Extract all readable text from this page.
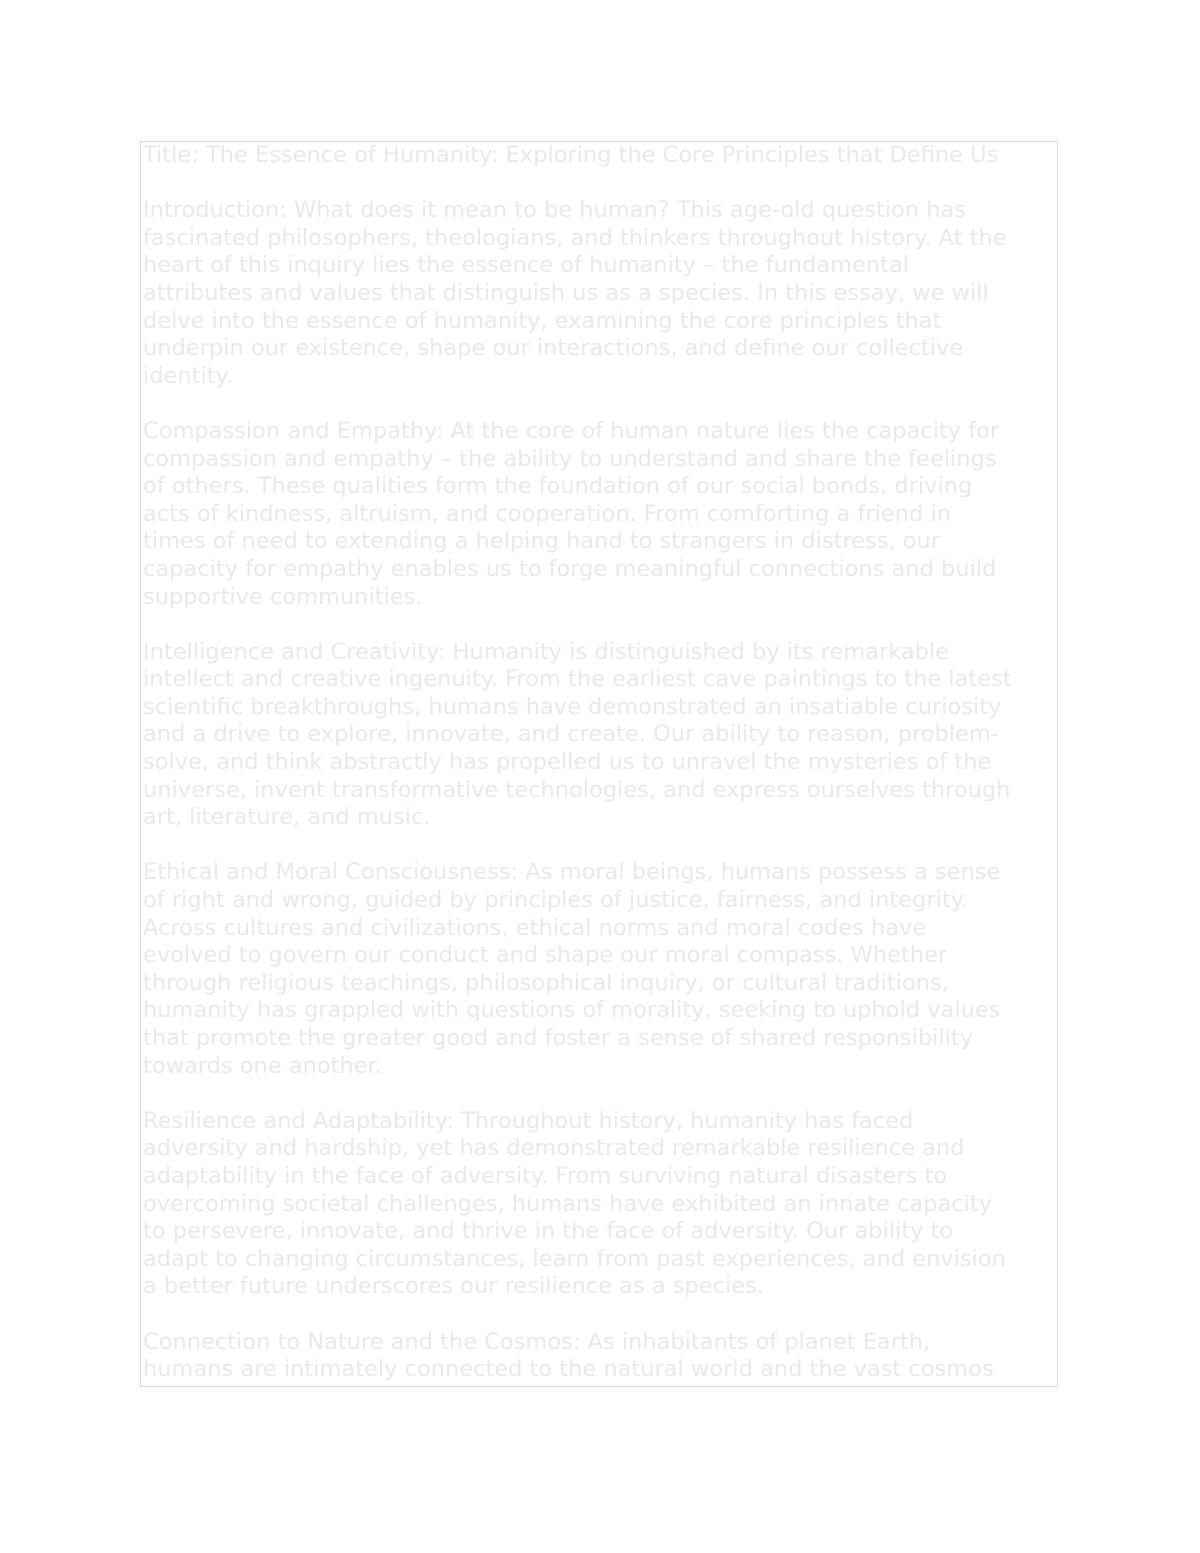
Title: The Essence of Humanity: Exploring the Core Principles that Define Us

Introduction: What does it mean to be human? This age-old question has
fascinated philosophers, theologians, and thinkers throughout history. At the
heart of this inquiry lies the essence of humanity – the fundamental
attributes and values that distinguish us as a species. In this essay, we will
delve into the essence of humanity, examining the core principles that
underpin our existence, shape our interactions, and define our collective
identity.

Compassion and Empathy: At the core of human nature lies the capacity for
compassion and empathy – the ability to understand and share the feelings
of others. These qualities form the foundation of our social bonds, driving
acts of kindness, altruism, and cooperation. From comforting a friend in
times of need to extending a helping hand to strangers in distress, our
capacity for empathy enables us to forge meaningful connections and build
supportive communities.

Intelligence and Creativity: Humanity is distinguished by its remarkable
intellect and creative ingenuity. From the earliest cave paintings to the latest
scientific breakthroughs, humans have demonstrated an insatiable curiosity
and a drive to explore, innovate, and create. Our ability to reason, problem-
solve, and think abstractly has propelled us to unravel the mysteries of the
universe, invent transformative technologies, and express ourselves through
art, literature, and music.

Ethical and Moral Consciousness: As moral beings, humans possess a sense
of right and wrong, guided by principles of justice, fairness, and integrity.
Across cultures and civilizations, ethical norms and moral codes have
evolved to govern our conduct and shape our moral compass. Whether
through religious teachings, philosophical inquiry, or cultural traditions,
humanity has grappled with questions of morality, seeking to uphold values
that promote the greater good and foster a sense of shared responsibility
towards one another.

Resilience and Adaptability: Throughout history, humanity has faced
adversity and hardship, yet has demonstrated remarkable resilience and
adaptability in the face of adversity. From surviving natural disasters to
overcoming societal challenges, humans have exhibited an innate capacity
to persevere, innovate, and thrive in the face of adversity. Our ability to
adapt to changing circumstances, learn from past experiences, and envision
a better future underscores our resilience as a species.

Connection to Nature and the Cosmos: As inhabitants of planet Earth,
humans are intimately connected to the natural world and the vast cosmos
